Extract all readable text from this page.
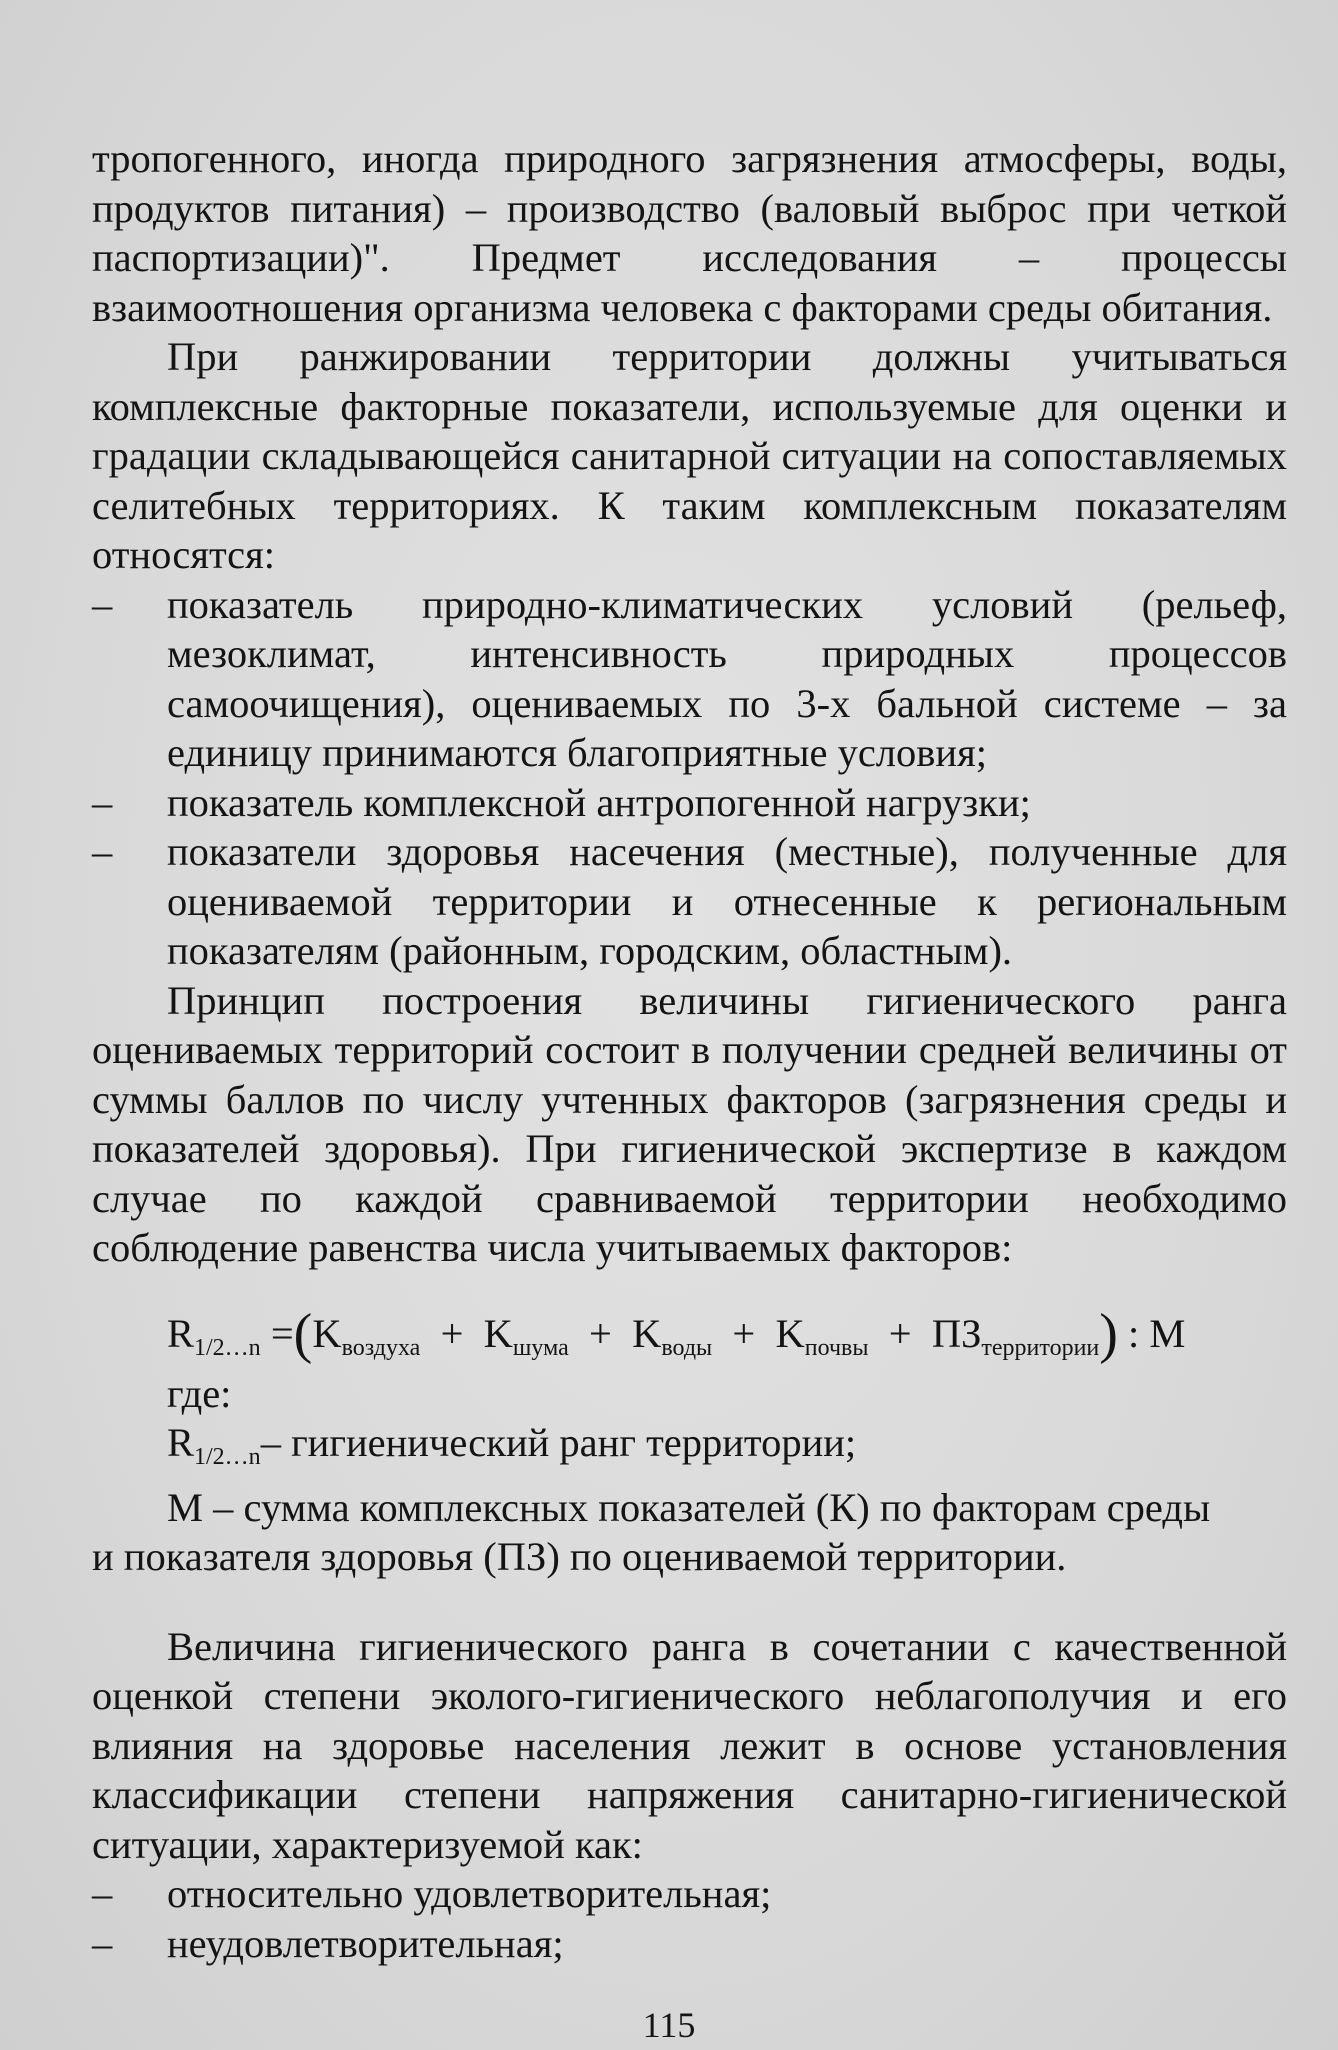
тропогенного, иногда природного загрязнения атмосферы, воды, продуктов питания) – производство (валовый выброс при четкой паспортизации)". Предмет исследования – процессы взаимоотношения организма человека с факторами среды обитания.

При ранжировании территории должны учитываться комплексные факторные показатели, используемые для оценки и градации складывающейся санитарной ситуации на сопоставляемых селитебных территориях. К таким комплексным показателям относятся:

– показатель природно-климатических условий (рельеф, мезоклимат, интенсивность природных процессов самоочищения), оцениваемых по 3-х бальной системе – за единицу принимаются благоприятные условия;

– показатель комплексной антропогенной нагрузки;

– показатели здоровья насечения (местные), полученные для оцениваемой территории и отнесенные к региональным показателям (районным, городским, областным).

Принцип построения величины гигиенического ранга оцениваемых территорий состоит в получении средней величины от суммы баллов по числу учтенных факторов (загрязнения среды и показателей здоровья). При гигиенической экспертизе в каждом случае по каждой сравниваемой территории необходимо соблюдение равенства числа учитываемых факторов:

$R_{1/2\dots n} =(K_{воздуха} + K_{шума} + K_{воды} + K_{почвы} + ПЗ_{территории})$ : M

где:

$R_{1/2\dots n}-$ гигиенический ранг территории;

М – сумма комплексных показателей (К) по факторам среды

и показателя здоровья (ПЗ) по оцениваемой территории.

Величина гигиенического ранга в сочетании с качественной оценкой степени эколого-гигиенического неблагополучия и его влияния на здоровье населения лежит в основе установления классификации степени напряжения санитарно-гигиенической ситуации, характеризуемой как:

– относительно удовлетворительная;

– неудовлетворительная;

115
